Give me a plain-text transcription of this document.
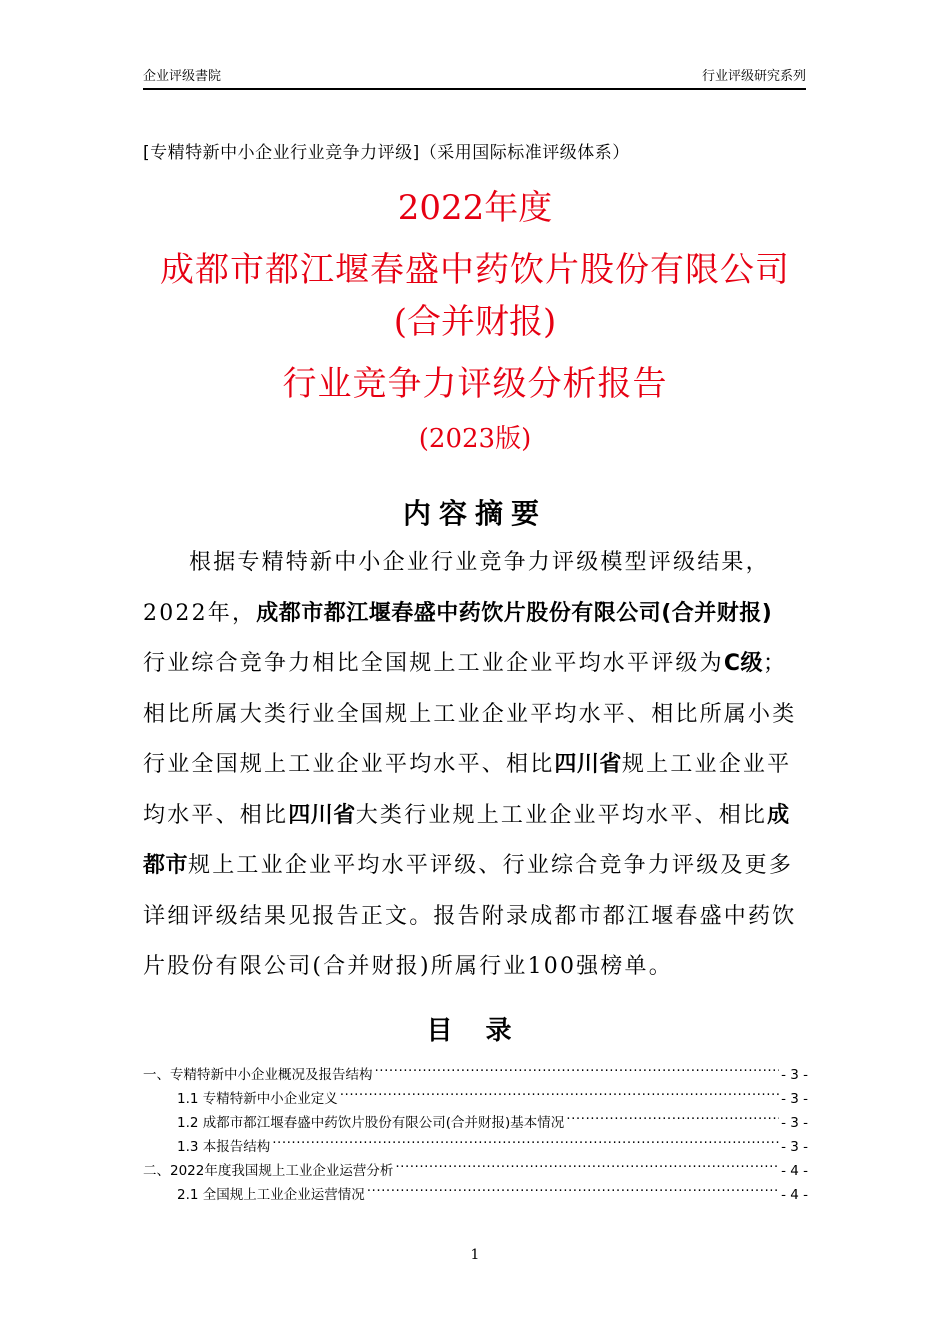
企业评级書院	行业评级研究系列
[专精特新中小企业行业竞争力评级]（采用国际标准评级体系）
2022年度
成都市都江堰春盛中药饮片股份有限公司
(合并财报)
行业竞争力评级分析报告
(2023版)
内容摘要
根据专精特新中小企业行业竞争力评级模型评级结果，
2022年，成都市都江堰春盛中药饮片股份有限公司(合并财报)
行业综合竞争力相比全国规上工业企业平均水平评级为C级；
相比所属大类行业全国规上工业企业平均水平、相比所属小类
行业全国规上工业企业平均水平、相比四川省规上工业企业平
均水平、相比四川省大类行业规上工业企业平均水平、相比成
都市规上工业企业平均水平评级、行业综合竞争力评级及更多
详细评级结果见报告正文。报告附录成都市都江堰春盛中药饮
片股份有限公司(合并财报)所属行业100强榜单。
目 录
一、专精特新中小企业概况及报告结构 .....	- 3 -
1.1 专精特新中小企业定义 .....	- 3 -
1.2 成都市都江堰春盛中药饮片股份有限公司(合并财报)基本情况 .....	- 3 -
1.3 本报告结构 .....	- 3 -
二、2022年度我国规上工业企业运营分析 .....	- 4 -
2.1 全国规上工业企业运营情况 .....	- 4 -
1
